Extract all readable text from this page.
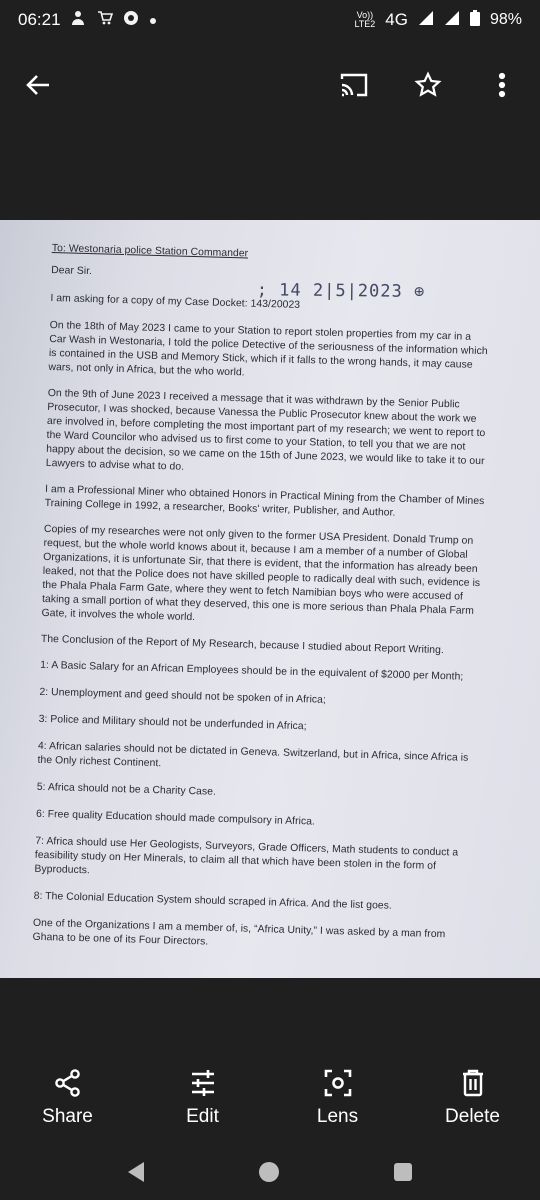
06:21	Vo))
LTE2 4G	98%

To: Westonaria police Station Commander

; 14 2|5|2023 ⊕

Dear Sir.

I am asking for a copy of my Case Docket: 143/20023

On the 18th of May 2023 I came to your Station to report stolen properties from my car in a Car Wash in Westonaria, I told the police Detective of the seriousness of the information which is contained in the USB and Memory Stick, which if it falls to the wrong hands, it may cause wars, not only in Africa, but the who world.

On the 9th of June 2023 I received a message that it was withdrawn by the Senior Public Prosecutor, I was shocked, because Vanessa the Public Prosecutor knew about the work we are involved in, before completing the most important part of my research; we went to report to the Ward Councilor who advised us to first come to your Station, to tell you that we are not happy about the decision, so we came on the 15th of June 2023, we would like to take it to our Lawyers to advise what to do.

I am a Professional Miner who obtained Honors in Practical Mining from the Chamber of Mines Training College in 1992, a researcher, Books' writer, Publisher, and Author.

Copies of my researches were not only given to the former USA President. Donald Trump on request, but the whole world knows about it, because I am a member of a number of Global Organizations, it is unfortunate Sir, that there is evident, that the information has already been leaked, not that the Police does not have skilled people to radically deal with such, evidence is the Phala Phala Farm Gate, where they went to fetch Namibian boys who were accused of taking a small portion of what they deserved, this one is more serious than Phala Phala Farm Gate, it involves the whole world.

The Conclusion of the Report of My Research, because I studied about Report Writing.

1: A Basic Salary for an African Employees should be in the equivalent of $2000 per Month;

2: Unemployment and geed should not be spoken of in Africa;

3: Police and Military should not be underfunded in Africa;

4: African salaries should not be dictated in Geneva. Switzerland, but in Africa, since Africa is the Only richest Continent.

5: Africa should not be a Charity Case.

6: Free quality Education should made compulsory in Africa.

7: Africa should use Her Geologists, Surveyors, Grade Officers, Math students to conduct a feasibility study on Her Minerals, to claim all that which have been stolen in the form of Byproducts.

8: The Colonial Education System should scraped in Africa. And the list goes.

One of the Organizations I am a member of, is, “Africa Unity,” I was asked by a man from Ghana to be one of its Four Directors.

Share	Edit	Lens	Delete
